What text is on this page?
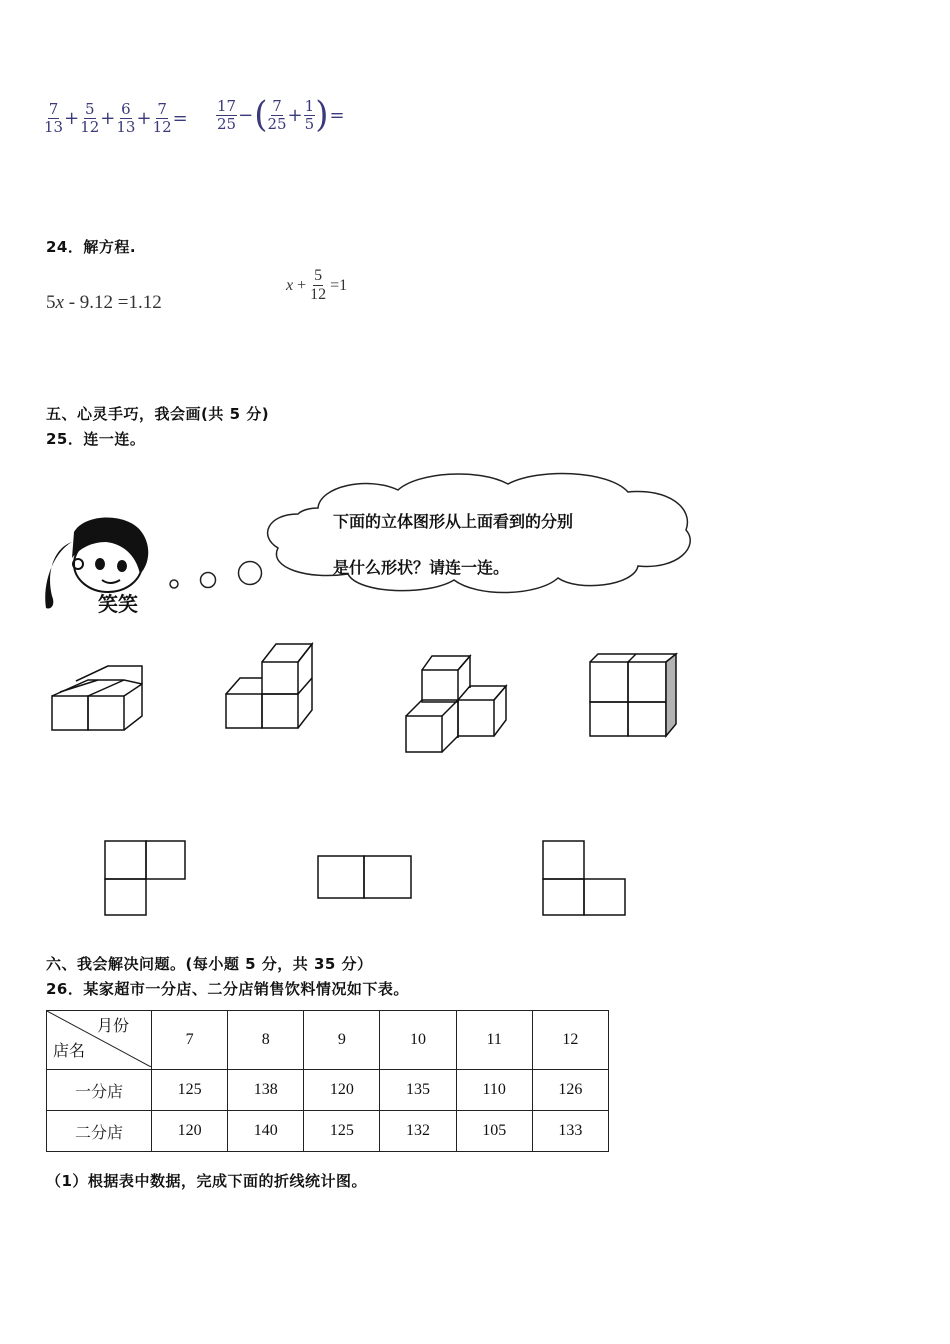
$\frac{7}{13} + \frac{5}{12} + \frac{6}{13} + \frac{7}{12} = \frac{17}{25}$ − ( $\frac{7}{25} + \frac{1}{5}$ ) =
24．解方程.
5 x
- 9.12 =1.12
x
+
$\frac{5}{12}$
=1
五、心灵手巧，我会画(共 5 分)
25．连一连。
笑笑
下面的立体图形从上面看到的分别
是什么形状？请连一连。
六、我会解决问题。(每小题 5 分，共 35 分）
26．某家超市一分店、二分店销售饮料情况如下表。
月份
店名	7	8	9	10	11	12
一分店	125	138	120	135	110	126
二分店	120	140	125	132	105	133
（1）根据表中数据，完成下面的折线统计图。
